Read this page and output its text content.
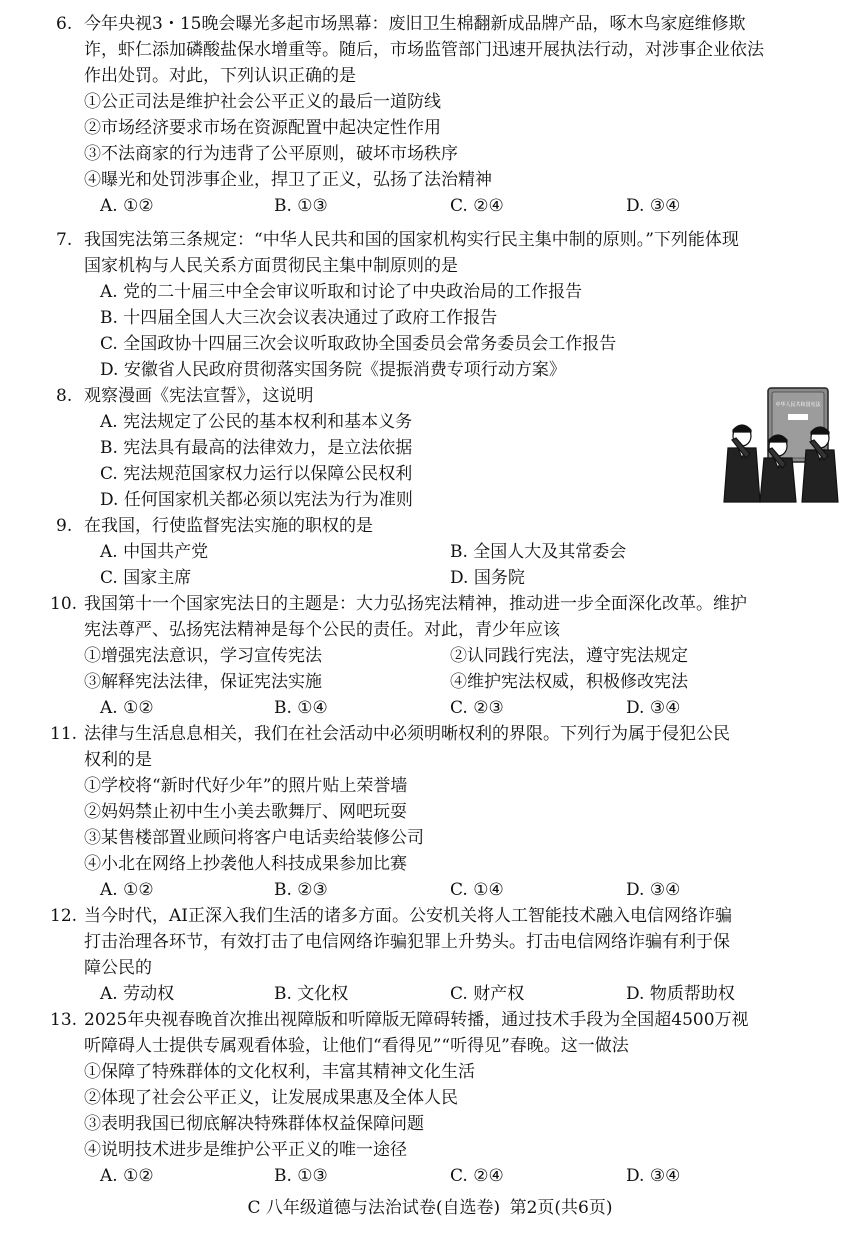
6. 今年央视3・15晚会曝光多起市场黑幕：废旧卫生棉翻新成品牌产品，啄木鸟家庭维修欺
诈，虾仁添加磷酸盐保水增重等。随后，市场监管部门迅速开展执法行动，对涉事企业依法
作出处罚。对此，下列认识正确的是
①公正司法是维护社会公平正义的最后一道防线
②市场经济要求市场在资源配置中起决定性作用
③不法商家的行为违背了公平原则，破坏市场秩序
④曝光和处罚涉事企业，捍卫了正义，弘扬了法治精神
A. ①②	B. ①③	C. ②④	D. ③④
7. 我国宪法第三条规定：“中华人民共和国的国家机构实行民主集中制的原则。”下列能体现
国家机构与人民关系方面贯彻民主集中制原则的是
A. 党的二十届三中全会审议听取和讨论了中央政治局的工作报告
B. 十四届全国人大三次会议表决通过了政府工作报告
C. 全国政协十四届三次会议听取政协全国委员会常务委员会工作报告
D. 安徽省人民政府贯彻落实国务院《提振消费专项行动方案》
8. 观察漫画《宪法宣誓》，这说明
A. 宪法规定了公民的基本权利和基本义务
B. 宪法具有最高的法律效力，是立法依据
C. 宪法规范国家权力运行以保障公民权利
D. 任何国家机关都必须以宪法为行为准则
中华人民共和国宪法
9. 在我国，行使监督宪法实施的职权的是
A. 中国共产党	B. 全国人大及其常委会
C. 国家主席	D. 国务院
10. 我国第十一个国家宪法日的主题是：大力弘扬宪法精神，推动进一步全面深化改革。维护
宪法尊严、弘扬宪法精神是每个公民的责任。对此，青少年应该
①增强宪法意识，学习宣传宪法	②认同践行宪法，遵守宪法规定
③解释宪法法律，保证宪法实施	④维护宪法权威，积极修改宪法
A. ①②	B. ①④	C. ②③	D. ③④
11. 法律与生活息息相关，我们在社会活动中必须明晰权利的界限。下列行为属于侵犯公民
权利的是
①学校将“新时代好少年”的照片贴上荣誉墙
②妈妈禁止初中生小美去歌舞厅、网吧玩耍
③某售楼部置业顾问将客户电话卖给装修公司
④小北在网络上抄袭他人科技成果参加比赛
A. ①②	B. ②③	C. ①④	D. ③④
12. 当今时代，AI正深入我们生活的诸多方面。公安机关将人工智能技术融入电信网络诈骗
打击治理各环节，有效打击了电信网络诈骗犯罪上升势头。打击电信网络诈骗有利于保
障公民的
A. 劳动权	B. 文化权	C. 财产权	D. 物质帮助权
13. 2025年央视春晚首次推出视障版和听障版无障碍转播，通过技术手段为全国超4500万视
听障碍人士提供专属观看体验，让他们“看得见”“听得见”春晚。这一做法
①保障了特殊群体的文化权利，丰富其精神文化生活
②体现了社会公平正义，让发展成果惠及全体人民
③表明我国已彻底解决特殊群体权益保障问题
④说明技术进步是维护公平正义的唯一途径
A. ①②	B. ①③	C. ②④	D. ③④
C 八年级道德与法治试卷(自选卷) 第2页(共6页)
